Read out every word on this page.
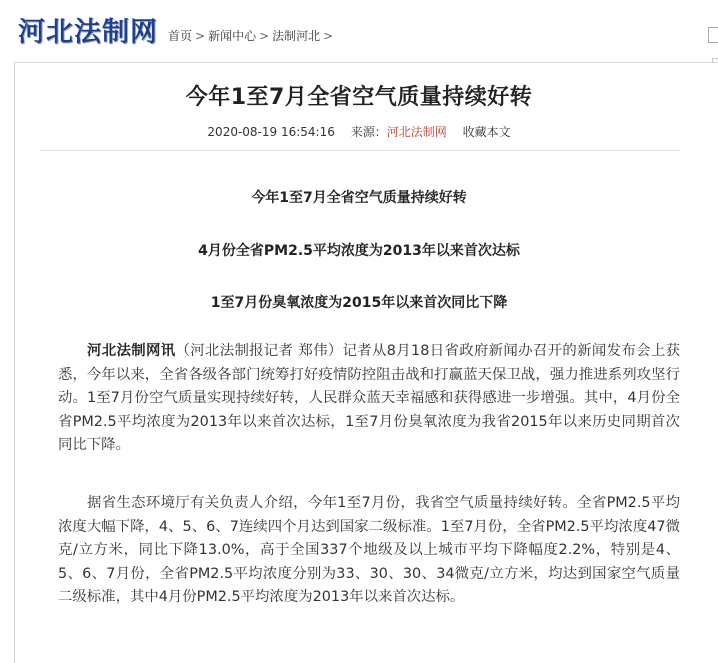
河北法制网 首页 > 新闻中心 > 法制河北 >
今年1至7月全省空气质量持续好转
2020-08-19 16:54:16 来源：河北法制网 收藏本文
今年1至7月全省空气质量持续好转
4月份全省PM2.5平均浓度为2013年以来首次达标
1至7月份臭氧浓度为2015年以来首次同比下降
河北法制网讯（河北法制报记者 郑伟）记者从8月18日省政府新闻办召开的新闻发布会上获悉，今年以来，全省各级各部门统筹打好疫情防控阻击战和打赢蓝天保卫战，强力推进系列攻坚行动。1至7月份空气质量实现持续好转，人民群众蓝天幸福感和获得感进一步增强。其中，4月份全省PM2.5平均浓度为2013年以来首次达标，1至7月份臭氧浓度为我省2015年以来历史同期首次同比下降。
据省生态环境厅有关负责人介绍，今年1至7月份，我省空气质量持续好转。全省PM2.5平均浓度大幅下降，4、5、6、7连续四个月达到国家二级标准。1至7月份，全省PM2.5平均浓度47微克/立方米，同比下降13.0%，高于全国337个地级及以上城市平均下降幅度2.2%，特别是4、5、6、7月份，全省PM2.5平均浓度分别为33、30、30、34微克/立方米，均达到国家空气质量二级标准，其中4月份PM2.5平均浓度为2013年以来首次达标。
